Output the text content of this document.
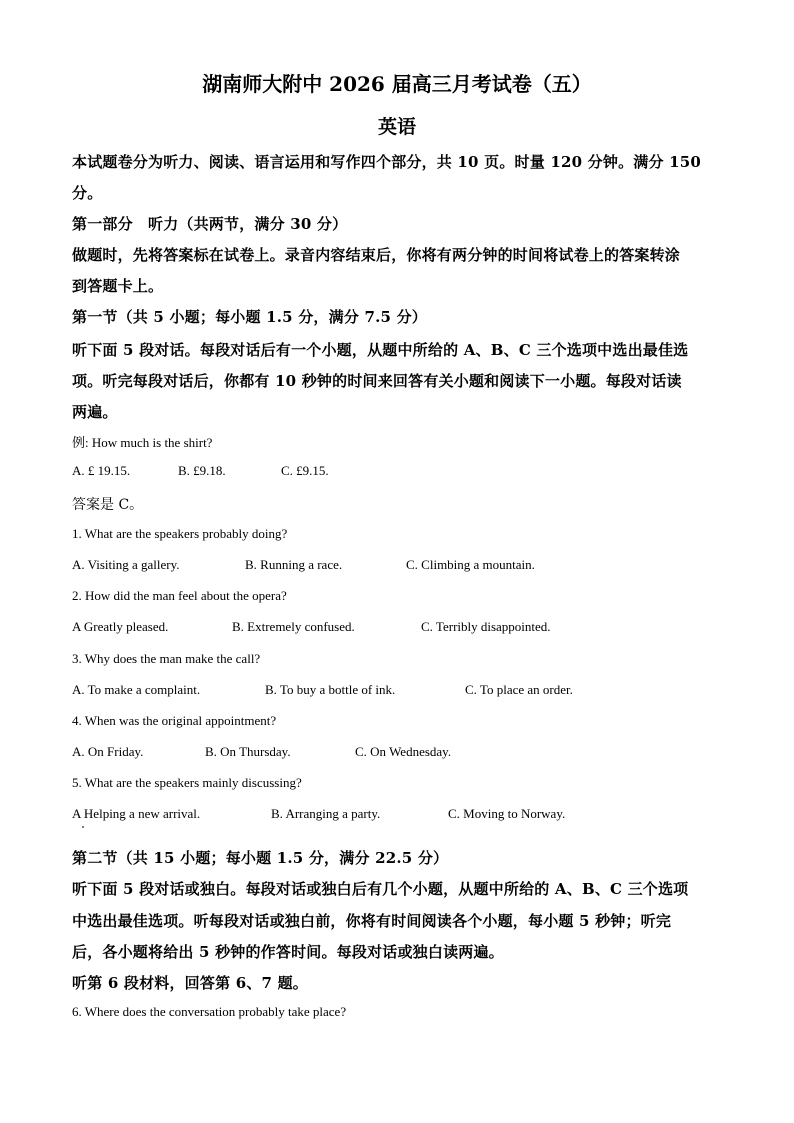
湖南师大附中 2026 届高三月考试卷（五）
英语
本试题卷分为听力、阅读、语言运用和写作四个部分，共 10 页。时量 120 分钟。满分 150
分。
第一部分　听力（共两节，满分 30 分）
做题时，先将答案标在试卷上。录音内容结束后，你将有两分钟的时间将试卷上的答案转涂
到答题卡上。
第一节（共 5 小题；每小题 1.5 分，满分 7.5 分）
听下面 5 段对话。每段对话后有一个小题，从题中所给的 A、B、C 三个选项中选出最佳选
项。听完每段对话后，你都有 10 秒钟的时间来回答有关小题和阅读下一小题。每段对话读
两遍。
例: How much is the shirt?
A. £ 19.15.	B. £9.18.	C. £9.15.
答案是 C。
1. What are the speakers probably doing?
A. Visiting a gallery.	B. Running a race.	C. Climbing a mountain.
2. How did the man feel about the opera?
A Greatly pleased.	B. Extremely confused.	C. Terribly disappointed.
3. Why does the man make the call?
A. To make a complaint.	B. To buy a bottle of ink.	C. To place an order.
4. When was the original appointment?
A. On Friday.	B. On Thursday.	C. On Wednesday.
5. What are the speakers mainly discussing?
A Helping a new arrival.	B. Arranging a party.	C. Moving to Norway.
第二节（共 15 小题；每小题 1.5 分，满分 22.5 分）
听下面 5 段对话或独白。每段对话或独白后有几个小题，从题中所给的 A、B、C 三个选项
中选出最佳选项。听每段对话或独白前，你将有时间阅读各个小题，每小题 5 秒钟；听完
后，各小题将给出 5 秒钟的作答时间。每段对话或独白读两遍。
听第 6 段材料，回答第 6、7 题。
6. Where does the conversation probably take place?
